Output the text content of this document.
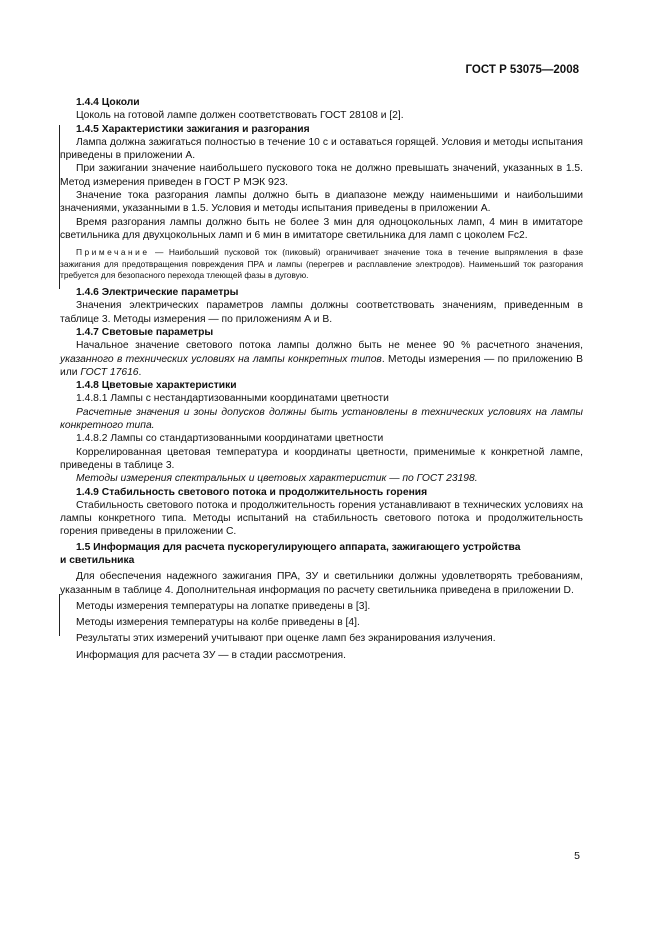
ГОСТ Р 53075—2008

1.4.4 Цоколи

Цоколь на готовой лампе должен соответствовать ГОСТ 28108 и [2].

1.4.5 Характеристики зажигания и разгорания

Лампа должна зажигаться полностью в течение 10 с и оставаться горящей. Условия и методы испытания приведены в приложении А.

При зажигании значение наибольшего пускового тока не должно превышать значений, указанных в 1.5. Метод измерения приведен в ГОСТ Р МЭК 923.

Значение тока разгорания лампы должно быть в диапазоне между наименьшими и наибольшими значениями, указанными в 1.5. Условия и методы испытания приведены в приложении А.

Время разгорания лампы должно быть не более 3 мин для одноцокольных ламп, 4 мин в имитаторе светильника для двухцокольных ламп и 6 мин в имитаторе светильника для ламп с цоколем Fc2.

Примечание — Наибольший пусковой ток (пиковый) ограничивает значение тока в течение выпрямления в фазе зажигания для предотвращения повреждения ПРА и лампы (перегрев и расплавление электродов). Наименьший ток разгорания требуется для безопасного перехода тлеющей фазы в дуговую.

1.4.6 Электрические параметры

Значения электрических параметров лампы должны соответствовать значениям, приведенным в таблице 3. Методы измерения — по приложениям А и В.

1.4.7 Световые параметры

Начальное значение светового потока лампы должно быть не менее 90 % расчетного значения, указанного в технических условиях на лампы конкретных типов. Методы измерения — по приложению В или ГОСТ 17616.

1.4.8 Цветовые характеристики

1.4.8.1 Лампы с нестандартизованными координатами цветности

Расчетные значения и зоны допусков должны быть установлены в технических условиях на лампы конкретного типа.

1.4.8.2 Лампы со стандартизованными координатами цветности

Коррелированная цветовая температура и координаты цветности, применимые к конкретной лампе, приведены в таблице 3.

Методы измерения спектральных и цветовых характеристик — по ГОСТ 23198.

1.4.9 Стабильность светового потока и продолжительность горения

Стабильность светового потока и продолжительность горения устанавливают в технических условиях на лампы конкретного типа. Методы испытаний на стабильность светового потока и продолжительность горения приведены в приложении С.

1.5 Информация для расчета пускорегулирующего аппарата, зажигающего устройства
и светильника

Для обеспечения надежного зажигания ПРА, ЗУ и светильники должны удовлетворять требованиям, указанным в таблице 4. Дополнительная информация по расчету светильника приведена в приложении D.

Методы измерения температуры на лопатке приведены в [3].

Методы измерения температуры на колбе приведены в [4].

Результаты этих измерений учитывают при оценке ламп без экранирования излучения.

Информация для расчета ЗУ — в стадии рассмотрения.

5
